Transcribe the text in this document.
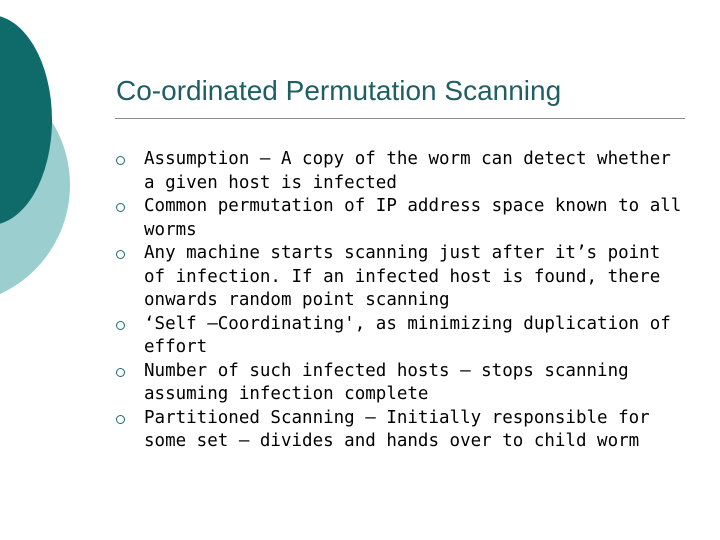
Co-ordinated Permutation Scanning
Assumption – A copy of the worm can detect whether a given host is infected
Common permutation of IP address space known to all worms
Any machine starts scanning just after it’s point of infection. If an infected host is found, there onwards random point scanning
‘Self –Coordinating', as minimizing duplication of effort
Number of such infected hosts – stops scanning assuming infection complete
Partitioned Scanning – Initially responsible for some set – divides and hands over to child worm
